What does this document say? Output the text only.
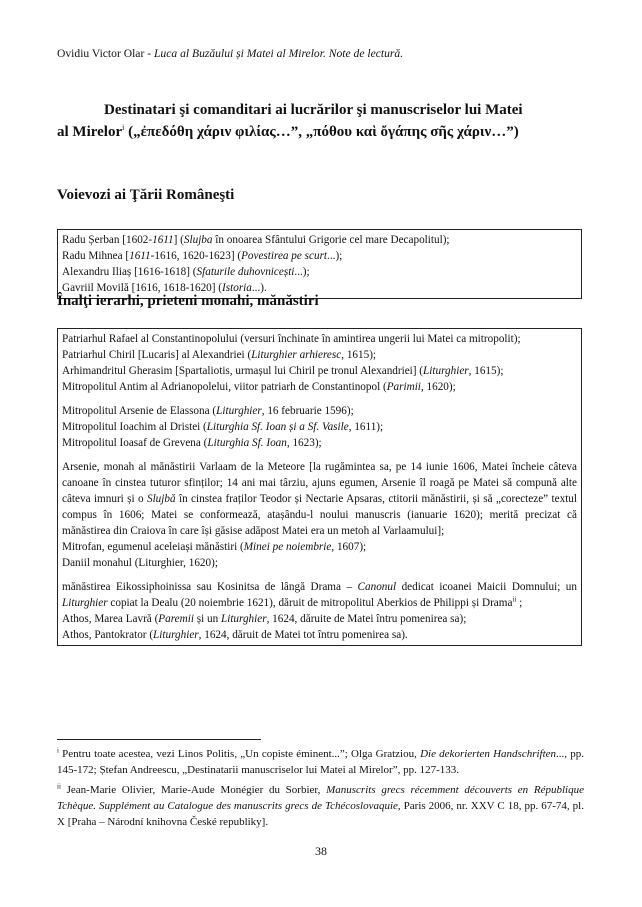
Ovidiu Victor Olar - Luca al Buzăului și Matei al Mirelor. Note de lectură.
Destinatari şi comanditari ai lucrărilor şi manuscriselor lui Matei
al Mirelor$^i$ („ἐπεδόθη χάριν φιλίας…”, „πόθου καὶ ὄγάπης σῆς χάριν…”)
Voievozi ai Ţării Româneşti

Radu Șerban [1602-1611] (Slujba în onoarea Sfântului Grigorie cel mare Decapolitul);

Radu Mihnea [1611-1616, 1620-1623] (Povestirea pe scurt...);

Alexandru Iliaș [1616-1618] (Sfaturile duhovnicești...);

Gavriil Movilă [1616, 1618-1620] (Istoria...).

Înalţi ierarhi, prieteni monahi, mănăstiri

Patriarhul Rafael al Constantinopolului (versuri închinate în amintirea ungerii lui Matei ca mitropolit);

Patriarhul Chiril [Lucaris] al Alexandriei (Liturghier arhieresc, 1615);

Arhimandritul Gherasim [Spartaliotis, urmașul lui Chiril pe tronul Alexandriei] (Liturghier, 1615);

Mitropolitul Antim al Adrianopolelui, viitor patriarh de Constantinopol (Parimii, 1620);

Mitropolitul Arsenie de Elassona (Liturghier, 16 februarie 1596);

Mitropolitul Ioachim al Dristei (Liturghia Sf. Ioan și a Sf. Vasile, 1611);

Mitropolitul Ioasaf de Grevena (Liturghia Sf. Ioan, 1623);

Arsenie, monah al mănăstirii Varlaam de la Meteore [la rugămintea sa, pe 14 iunie 1606, Matei încheie câteva canoane în cinstea tuturor sfinților; 14 ani mai târziu, ajuns egumen, Arsenie îl roagă pe Matei să compună alte câteva imnuri și o Slujbă în cinstea fraților Teodor și Nectarie Apsaras, ctitorii mănăstirii, și să „corecteze” textul compus în 1606; Matei se conformează, atașându-l noului manuscris (ianuarie 1620); merită precizat că mănăstirea din Craiova în care își găsise adăpost Matei era un metoh al Varlaamului];

Mitrofan, egumenul aceleiași mănăstiri (Minei pe noiembrie, 1607);

Daniil monahul (Liturghier, 1620);

mănăstirea Eikossiphoinissa sau Kosinitsa de lângă Drama – Canonul dedicat icoanei Maicii Domnului; un Liturghier copiat la Dealu (20 noiembrie 1621), dăruit de mitropolitul Aberkios de Philippi și Drama$^{ii}$ ;

Athos, Marea Lavră (Paremii și un Liturghier, 1624, dăruite de Matei întru pomenirea sa);

Athos, Pantokrator (Liturghier, 1624, dăruit de Matei tot întru pomenirea sa).

$^i$ Pentru toate acestea, vezi Linos Politis, „Un copiste éminent...”; Olga Gratziou, Die dekorierten Handschriften..., pp. 145-172; Ștefan Andreescu, „Destinatarii manuscriselor lui Matei al Mirelor”, pp. 127-133.

$^{ii}$ Jean-Marie Olivier, Marie-Aude Monégier du Sorbier, Manuscrits grecs récemment découverts en République Tchèque. Supplément au Catalogue des manuscrits grecs de Tchécoslovaquie, Paris 2006, nr. XXV C 18, pp. 67-74, pl. X [Praha – Národní knihovna České republiky].

38
